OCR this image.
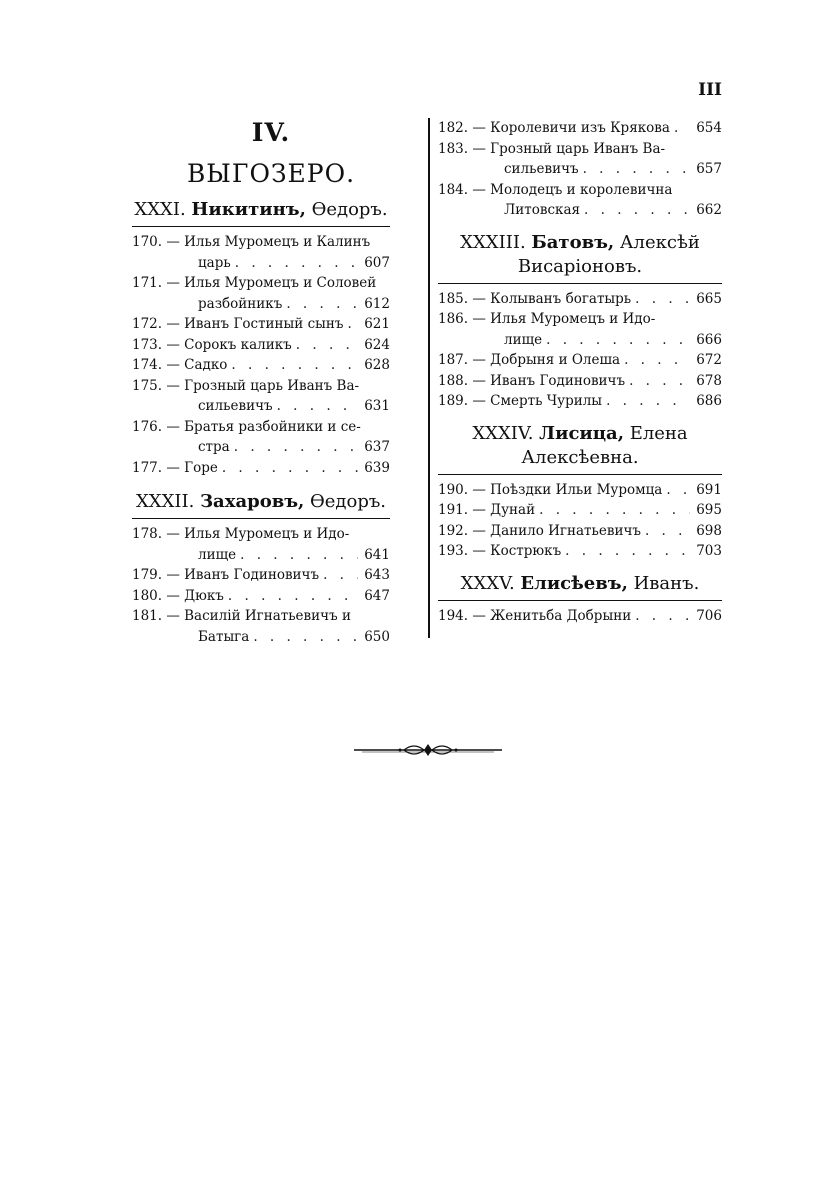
III
IV.
ВЫГОЗЕРО.
XXXI. Никитинъ, Ѳедоръ.
170. — Илья Муромецъ и Калинъ
царь . . .	607
171. — Илья Муромецъ и Соловей
разбойникъ . . .	612
172. — Иванъ Гостиный сынъ . . .	621
173. — Сорокъ каликъ . . .	624
174. — Садко . . .	628
175. — Грозный царь Иванъ Ва-
сильевичъ . . .	631
176. — Братья разбойники и се-
стра . . .	637
177. — Горе . . .	639
XXXII. Захаровъ, Ѳедоръ.
178. — Илья Муромецъ и Идо-
лище . . .	641
179. — Иванъ Годиновичъ . . .	643
180. — Дюкъ . . .	647
181. — Василій Игнатьевичъ и
Батыга . . .	650
182. — Королевичи изъ Крякова . . .	654
183. — Грозный царь Иванъ Ва-
сильевичъ . . .	657
184. — Молодецъ и королевична
Литовская . . .	662
XXXIII. Батовъ, Алексѣй Висаріоновъ.
185. — Колыванъ богатырь . . .	665
186. — Илья Муромецъ и Идо-
лище . . .	666
187. — Добрыня и Олеша . . .	672
188. — Иванъ Годиновичъ . . .	678
189. — Смерть Чурилы . . .	686
XXXIV. Лисица, Елена Алексѣевна.
190. — Поѣздки Ильи Муромца . . .	691
191. — Дунай . . .	695
192. — Данило Игнатьевичъ . . .	698
193. — Кострюкъ . . .	703
XXXV. Елисѣевъ, Иванъ.
194. — Женитьба Добрыни . . .	706
